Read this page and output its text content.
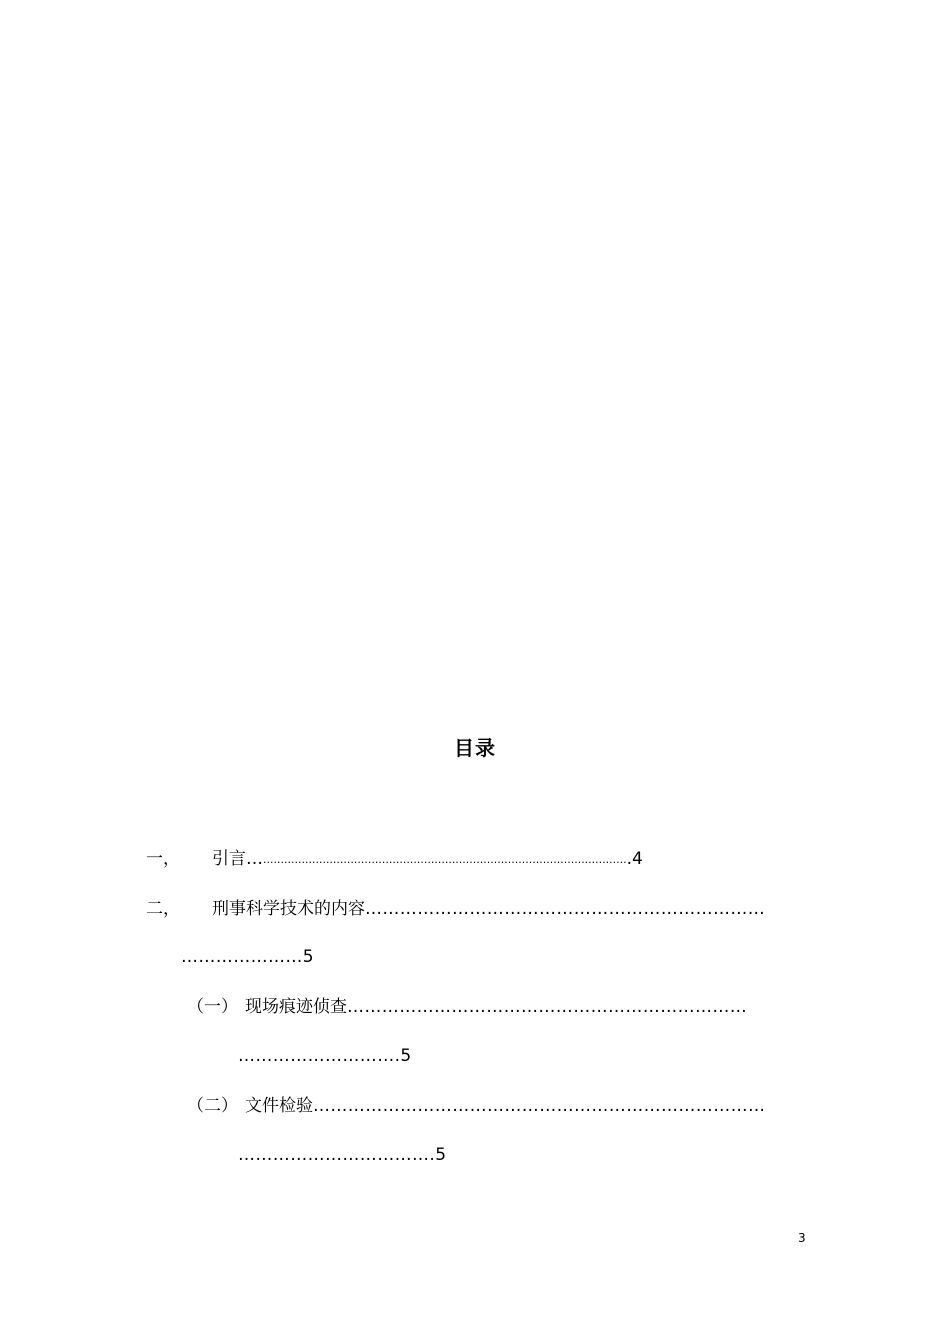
目录
一， 引言….........................................................................................................4
二， 刑事科学技术的内容……………………………………………………………
…………………5
（一） 现场痕迹侦查……………………………………………………………
……………………….5
（二） 文件检验……………………………………………………………………
…………………………….5
3
